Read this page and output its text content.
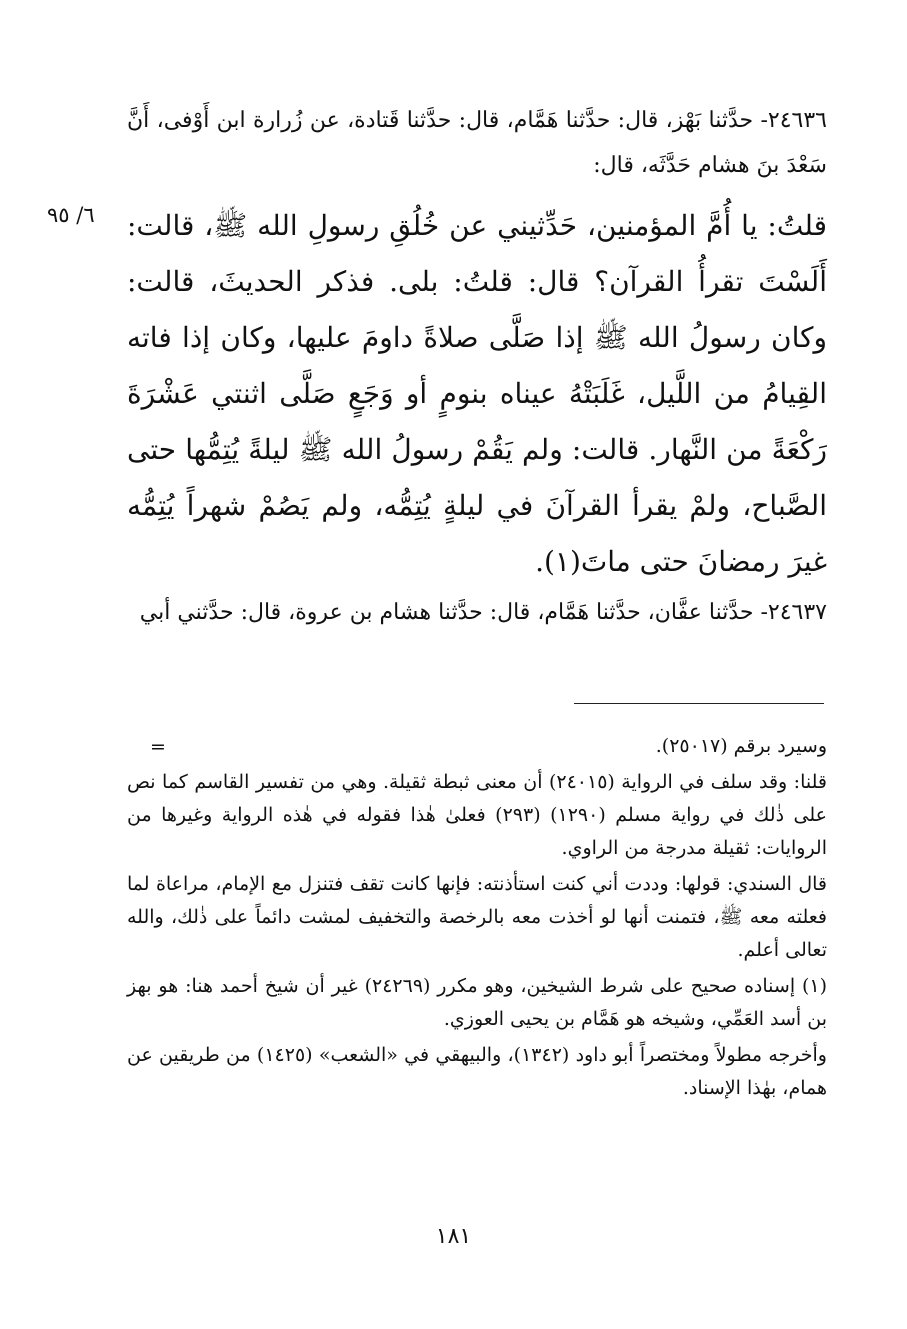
٢٤٦٣٦- حدَّثنا بَهْز، قال: حدَّثنا هَمَّام، قال: حدَّثنا قَتادة، عن زُرارة ابن أَوْفى، أَنَّ سَعْدَ بنَ هشام حَدَّثَه، قال:

٦/ ٩٥ قلتُ: يا أُمَّ المؤمنين، حَدِّثيني عن خُلُقِ رسولِ الله ﷺ، قالت: أَلَسْتَ تقرأُ القرآن؟ قال: قلتُ: بلى. فذكر الحديثَ، قالت: وكان رسولُ الله ﷺ إذا صَلَّى صلاةً داومَ عليها، وكان إذا فاته القِيامُ من اللَّيل، غَلَبَتْهُ عيناه بنومٍ أو وَجَعٍ صَلَّى اثنتي عَشْرَةَ رَكْعَةً من النَّهار. قالت: ولم يَقُمْ رسولُ الله ﷺ ليلةً يُتِمُّها حتى الصَّباح، ولمْ يقرأ القرآنَ في ليلةٍ يُتِمُّه، ولم يَصُمْ شهراً يُتِمُّه غيرَ رمضانَ حتى ماتَ(١).

٢٤٦٣٧- حدَّثنا عفَّان، حدَّثنا هَمَّام، قال: حدَّثنا هشام بن عروة، قال: حدَّثني أبي

=	وسيرد برقم (٢٥٠١٧).

قلنا: وقد سلف في الرواية (٢٤٠١٥) أن معنى ثبطة ثقيلة. وهي من تفسير القاسم كما نص على ذٰلك في رواية مسلم (١٢٩٠) (٢٩٣) فعلىٰ هٰذا فقوله في هٰذه الرواية وغيرها من الروايات: ثقيلة مدرجة من الراوي.

قال السندي: قولها: وددت أني كنت استأذنته: فإنها كانت تقف فتنزل مع الإمام، مراعاة لما فعلته معه ﷺ، فتمنت أنها لو أخذت معه بالرخصة والتخفيف لمشت دائماً على ذٰلك، والله تعالى أعلم.

(١) إسناده صحيح على شرط الشيخين، وهو مكرر (٢٤٢٦٩) غير أن شيخ أحمد هنا: هو بهز بن أسد العَمِّي، وشيخه هو هَمَّام بن يحيى العوزي.

وأخرجه مطولاً ومختصراً أبو داود (١٣٤٢)، والبيهقي في «الشعب» (١٤٢٥) من طريقين عن همام، بهٰذا الإسناد.

١٨١
